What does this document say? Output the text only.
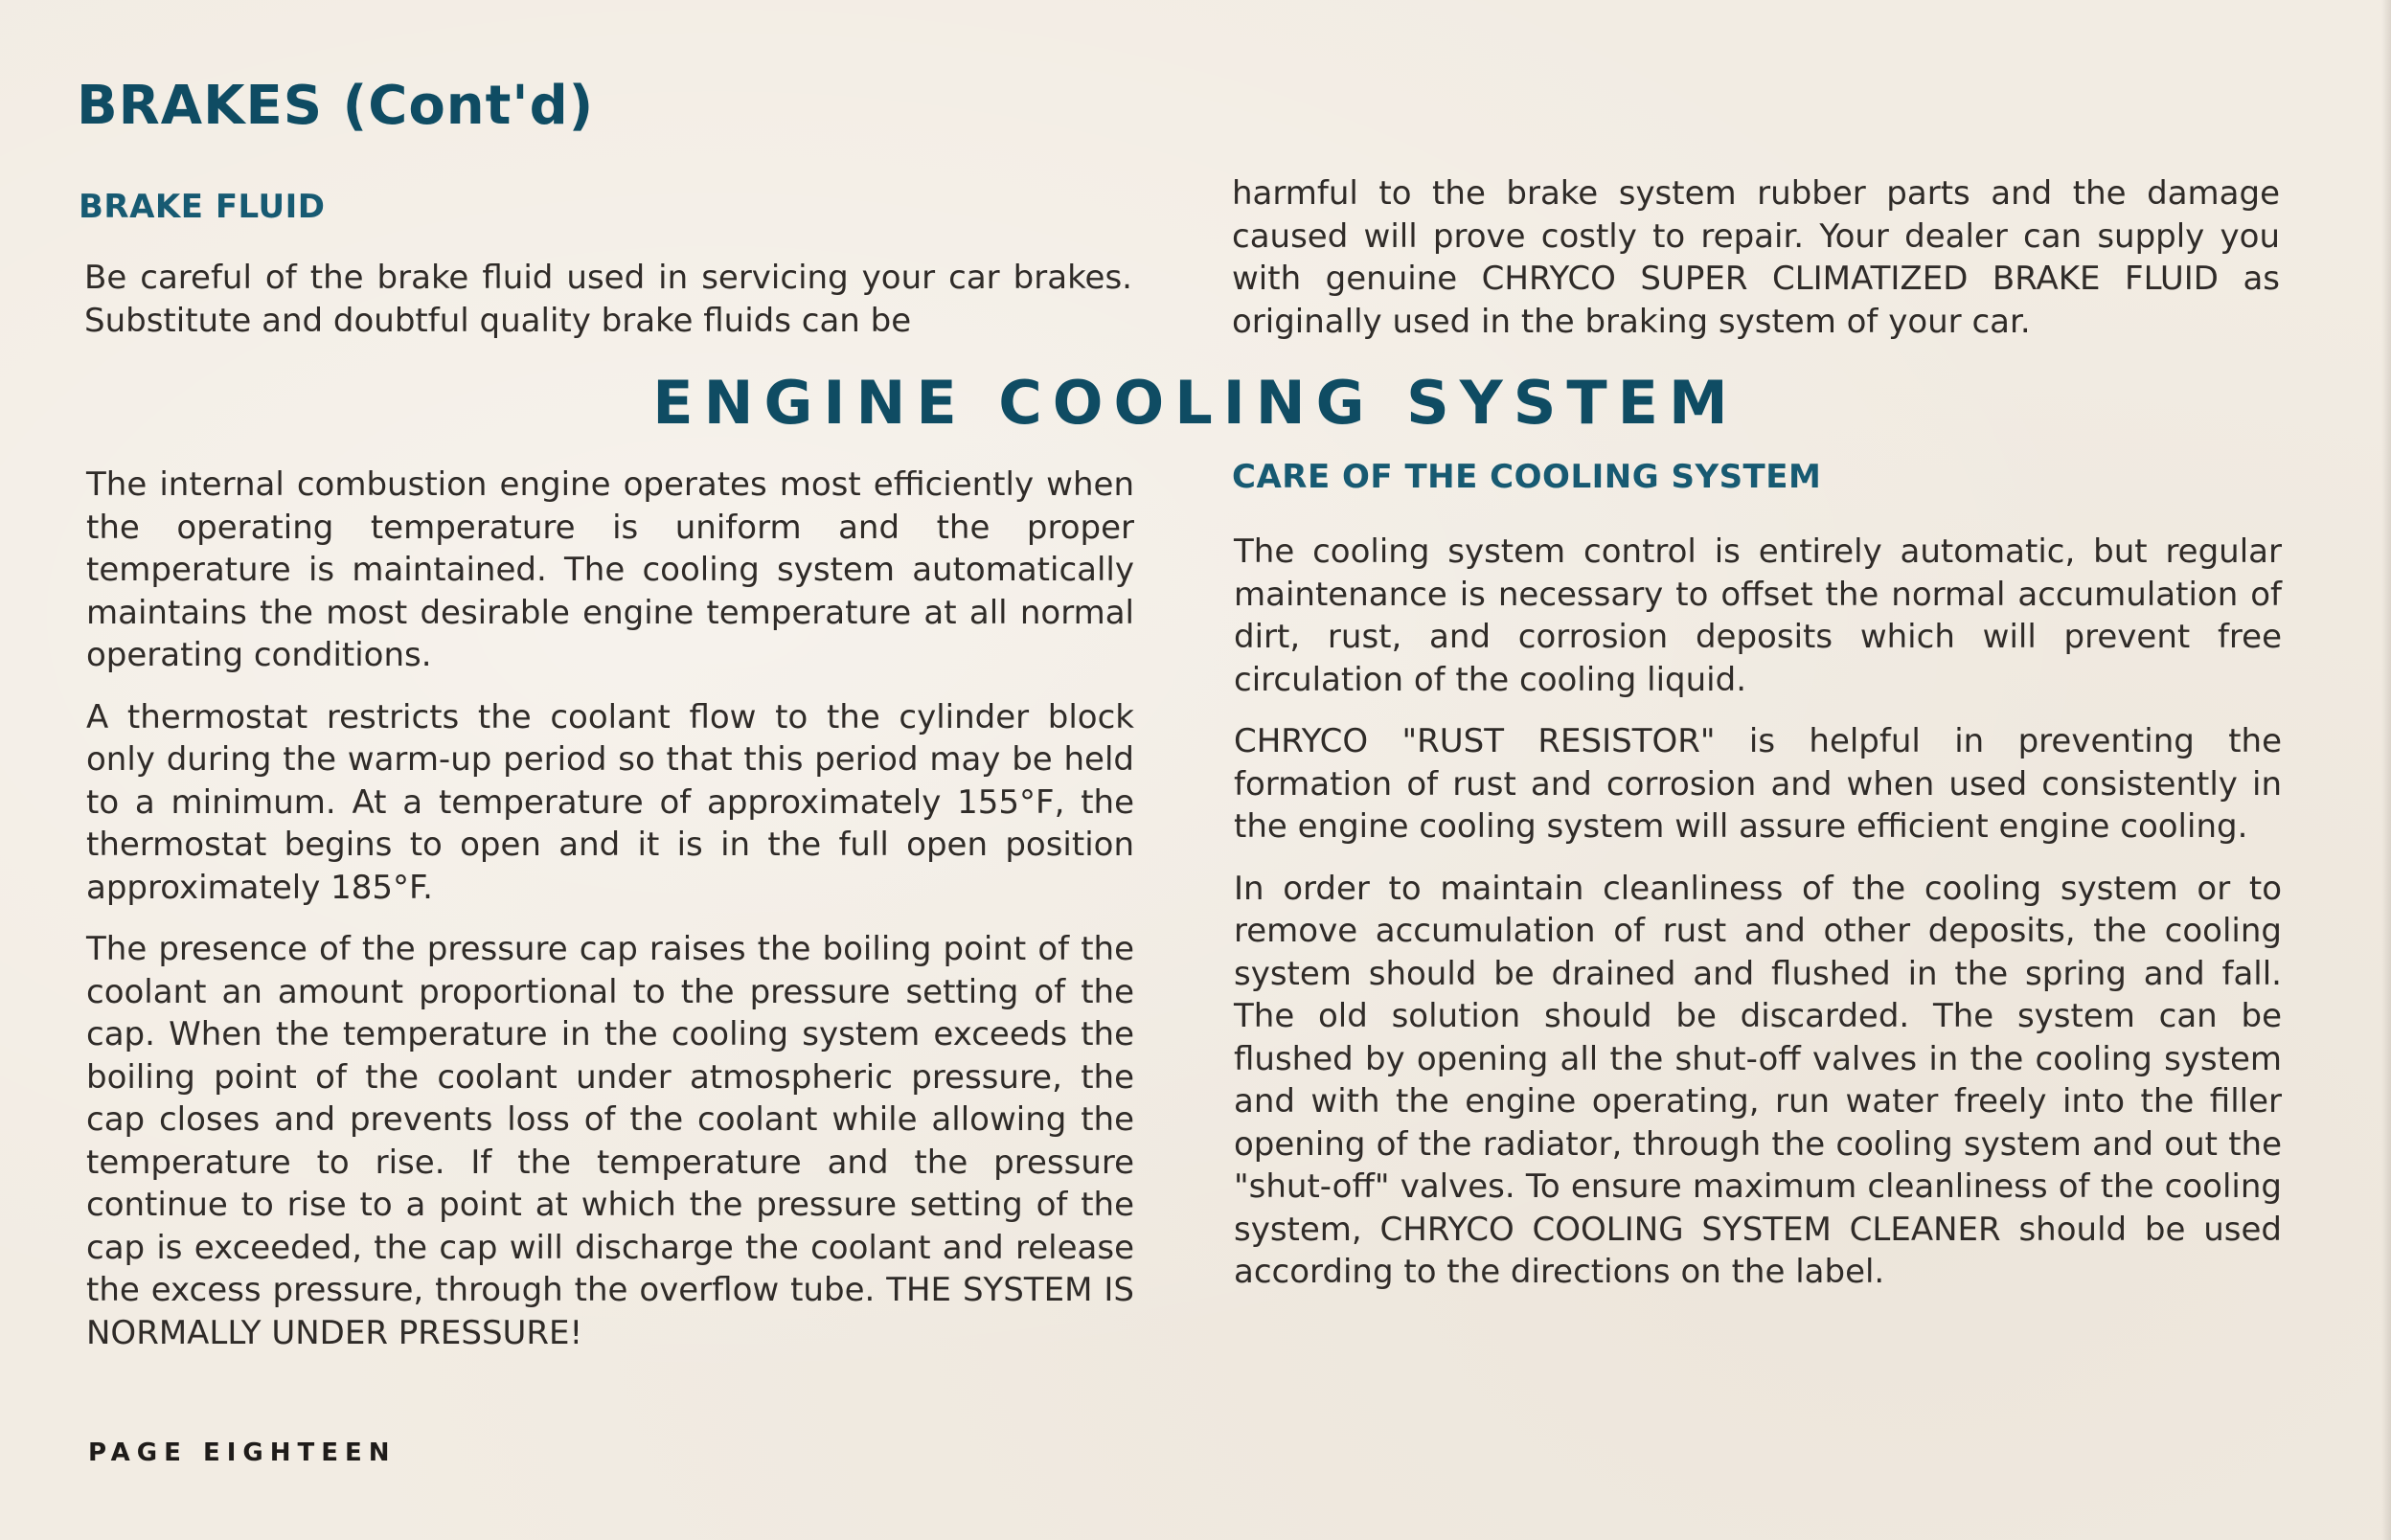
BRAKES (Cont'd)
BRAKE FLUID

Be careful of the brake fluid used in servicing your car brakes. Substitute and doubtful quality brake fluids can be

harmful to the brake system rubber parts and the damage caused will prove costly to repair. Your dealer can supply you with genuine CHRYCO SUPER CLIMATIZED BRAKE FLUID as originally used in the braking system of your car.

ENGINE COOLING SYSTEM

The internal combustion engine operates most efficiently when the operating temperature is uniform and the proper temperature is maintained. The cooling system automatically maintains the most desirable engine temperature at all normal operating conditions.

A thermostat restricts the coolant flow to the cylinder block only during the warm-up period so that this period may be held to a minimum. At a temperature of approximately 155°F, the thermostat begins to open and it is in the full open position approximately 185°F.

The presence of the pressure cap raises the boiling point of the coolant an amount proportional to the pressure setting of the cap. When the temperature in the cooling system exceeds the boiling point of the coolant under atmospheric pressure, the cap closes and prevents loss of the coolant while allowing the temperature to rise. If the temperature and the pressure continue to rise to a point at which the pressure setting of the cap is exceeded, the cap will discharge the coolant and release the excess pressure, through the overflow tube. THE SYSTEM IS NORMALLY UNDER PRESSURE!

CARE OF THE COOLING SYSTEM

The cooling system control is entirely automatic, but regular maintenance is necessary to offset the normal accumulation of dirt, rust, and corrosion deposits which will prevent free circulation of the cooling liquid.

CHRYCO "RUST RESISTOR" is helpful in preventing the formation of rust and corrosion and when used consistently in the engine cooling system will assure efficient engine cooling.

In order to maintain cleanliness of the cooling system or to remove accumulation of rust and other deposits, the cooling system should be drained and flushed in the spring and fall. The old solution should be discarded. The system can be flushed by opening all the shut-off valves in the cooling system and with the engine operating, run water freely into the filler opening of the radiator, through the cooling system and out the "shut-off" valves. To ensure maximum cleanliness of the cooling system, CHRYCO COOLING SYSTEM CLEANER should be used according to the directions on the label.

PAGE EIGHTEEN
